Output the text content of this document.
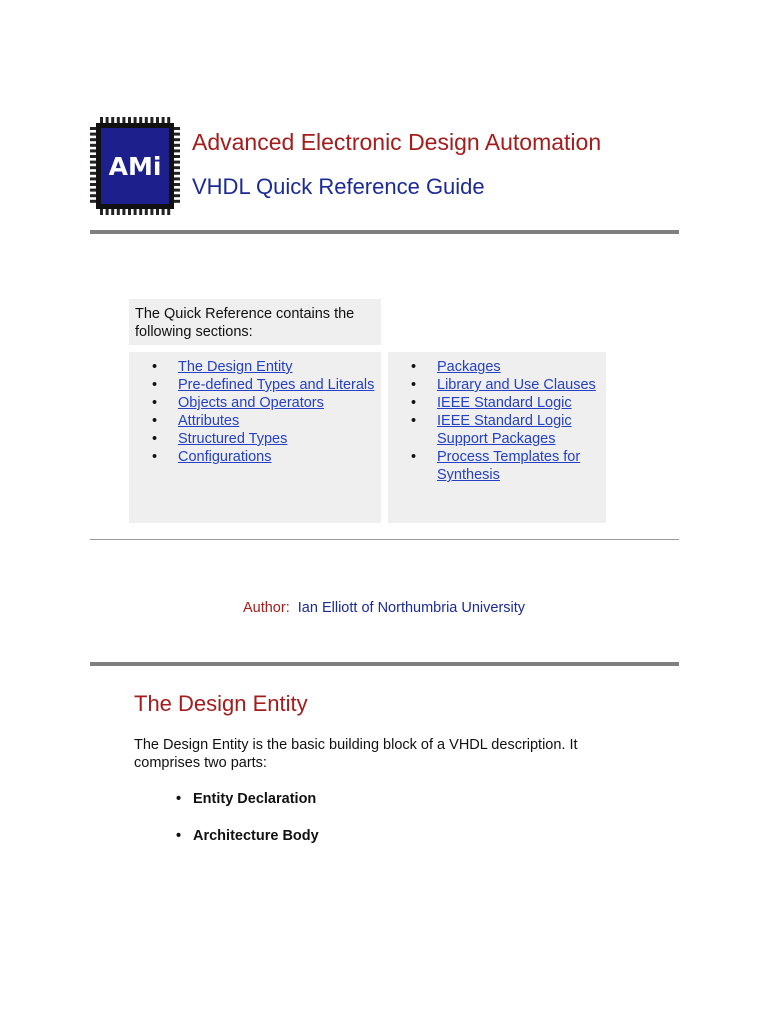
AMi
Advanced Electronic Design Automation
VHDL Quick Reference Guide
The Quick Reference contains the following sections:
• The Design Entity
• Pre-defined Types and Literals
• Objects and Operators
• Attributes
• Structured Types
• Configurations
• Packages
• Library and Use Clauses
• IEEE Standard Logic
• IEEE Standard Logic Support Packages
• Process Templates for Synthesis
Author: Ian Elliott of Northumbria University
The Design Entity
The Design Entity is the basic building block of a VHDL description. It comprises two parts:
• Entity Declaration
• Architecture Body
